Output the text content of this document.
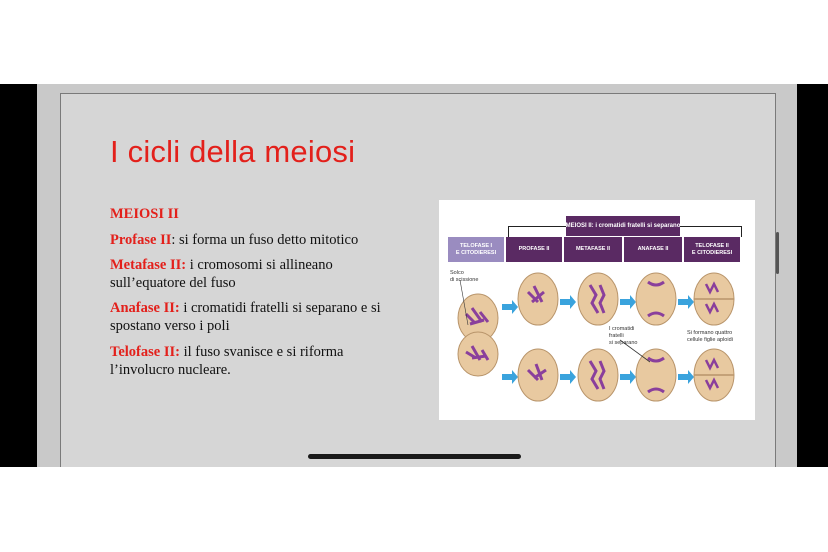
I cicli della meiosi
MEIOSI II
Profase II: si forma un fuso detto mitotico
Metafase II: i cromosomi si allineano
sull’equatore del fuso
Anafase II: i cromatidi fratelli si separano e si
spostano verso i poli
Telofase II: il fuso svanisce e si riforma
l’involucro nucleare.
MEIOSI II: i cromatidi fratelli si separano
TELOFASE I
E CITODIERESI
PROFASE II	METAFASE II	ANAFASE II
TELOFASE II
E CITODIERESI
Solco
di scissione
I cromatidi
fratelli
si separano
Si formano quattro
cellule figlie aploidi
